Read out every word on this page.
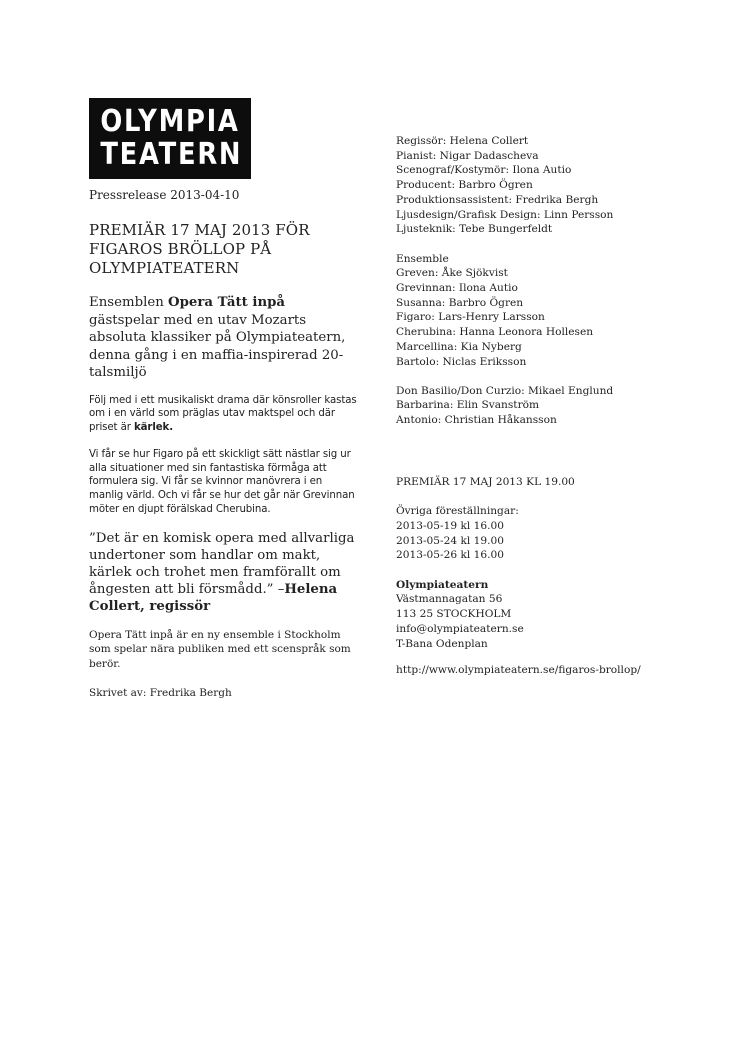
OLYMPIA
TEATERN

Pressrelease 2013-04-10

PREMIÄR 17 MAJ 2013 FÖR FIGAROS BRÖLLOP PÅ OLYMPIATEATERN

Ensemblen Opera Tätt inpå gästspelar med en utav Mozarts absoluta klassiker på Olympiateatern, denna gång i en maffia-inspirerad 20-talsmiljö

Följ med i ett musikaliskt drama där könsroller kastas om i en värld som präglas utav maktspel och där priset är kärlek.

Vi får se hur Figaro på ett skickligt sätt nästlar sig ur alla situationer med sin fantastiska förmåga att formulera sig. Vi får se kvinnor manövrera i en manlig värld. Och vi får se hur det går när Grevinnan möter en djupt förälskad Cherubina.

”Det är en komisk opera med allvarliga undertoner som handlar om makt, kärlek och trohet men framförallt om ångesten att bli försmådd.” –Helena Collert, regissör

Opera Tätt inpå är en ny ensemble i Stockholm som spelar nära publiken med ett scenspråk som berör.

Skrivet av: Fredrika Bergh

Regissör: Helena Collert
Pianist: Nigar Dadascheva
Scenograf/Kostymör: Ilona Autio
Producent: Barbro Ögren
Produktionsassistent: Fredrika Bergh
Ljusdesign/Grafisk Design: Linn Persson
Ljusteknik: Tebe Bungerfeldt
Ensemble
Greven: Åke Sjökvist
Grevinnan: Ilona Autio
Susanna: Barbro Ögren
Figaro: Lars-Henry Larsson
Cherubina: Hanna Leonora Hollesen
Marcellina: Kia Nyberg
Bartolo: Niclas Eriksson
Don Basilio/Don Curzio: Mikael Englund
Barbarina: Elin Svanström
Antonio: Christian Håkansson
PREMIÄR 17 MAJ 2013 KL 19.00
Övriga föreställningar:
2013-05-19 kl 16.00
2013-05-24 kl 19.00
2013-05-26 kl 16.00
Olympiateatern
Västmannagatan 56
113 25 STOCKHOLM
info@olympiateatern.se
T-Bana Odenplan
http://www.olympiateatern.se/figaros-brollop/
